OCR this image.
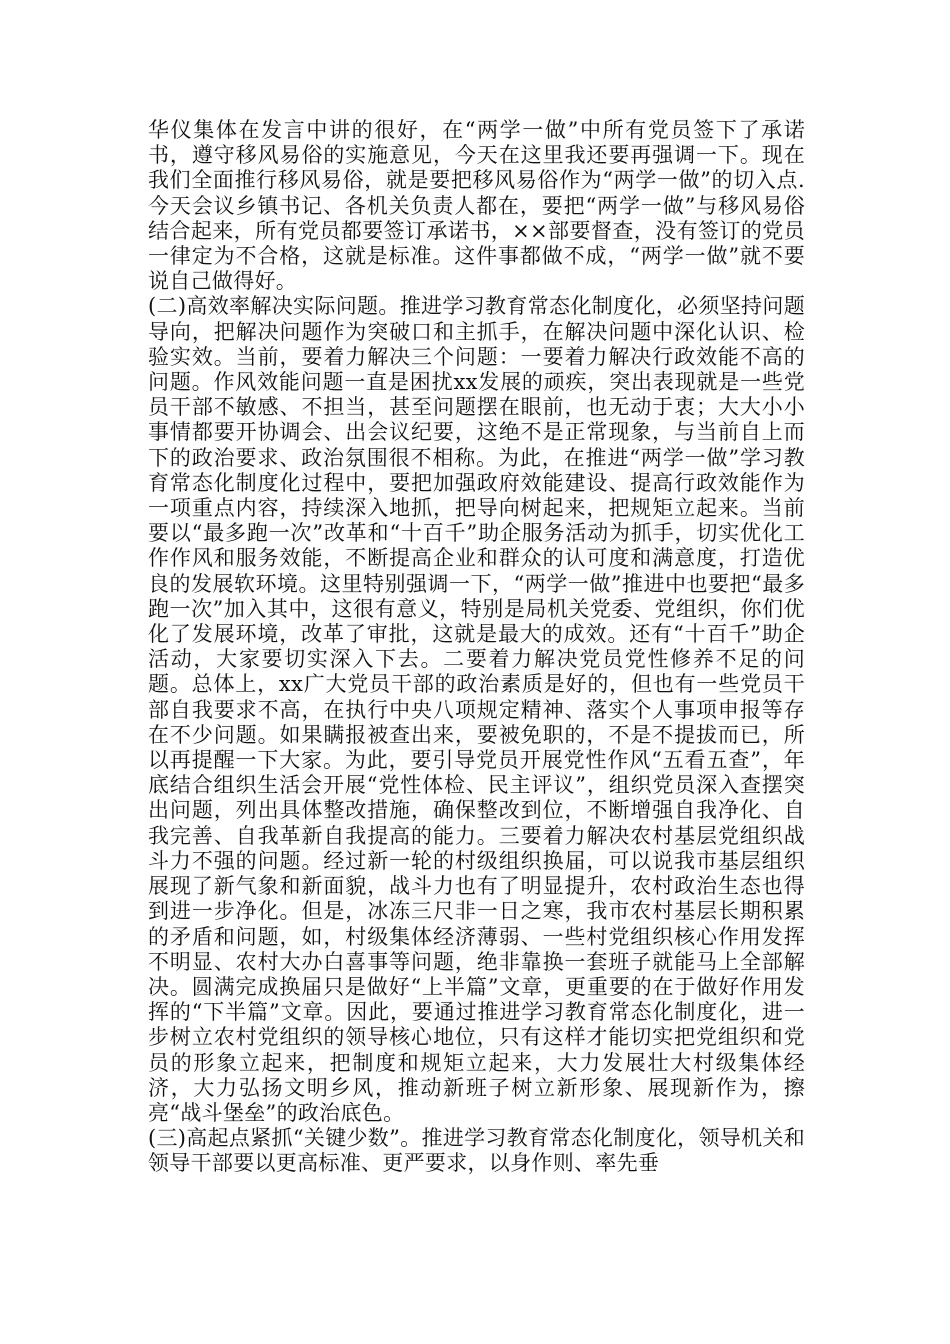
华仪集体在发言中讲的很好，在“两学一做”中所有党员签下了承诺书，遵守移风易俗的实施意见，今天在这里我还要再强调一下。现在我们全面推行移风易俗，就是要把移风易俗作为“两学一做”的切入点.今天会议乡镇书记、各机关负责人都在，要把“两学一做”与移风易俗结合起来，所有党员都要签订承诺书，××部要督查，没有签订的党员一律定为不合格，这就是标准。这件事都做不成，“两学一做”就不要说自己做得好。

(二)高效率解决实际问题。推进学习教育常态化制度化，必须坚持问题导向，把解决问题作为突破口和主抓手，在解决问题中深化认识、检验实效。当前，要着力解决三个问题：一要着力解决行政效能不高的问题。作风效能问题一直是困扰xx发展的顽疾，突出表现就是一些党员干部不敏感、不担当，甚至问题摆在眼前，也无动于衷；大大小小事情都要开协调会、出会议纪要，这绝不是正常现象，与当前自上而下的政治要求、政治氛围很不相称。为此，在推进“两学一做”学习教育常态化制度化过程中，要把加强政府效能建设、提高行政效能作为一项重点内容，持续深入地抓，把导向树起来，把规矩立起来。当前要以“最多跑一次”改革和“十百千”助企服务活动为抓手，切实优化工作作风和服务效能，不断提高企业和群众的认可度和满意度，打造优良的发展软环境。这里特别强调一下，“两学一做”推进中也要把“最多跑一次”加入其中，这很有意义，特别是局机关党委、党组织，你们优化了发展环境，改革了审批，这就是最大的成效。还有“十百千”助企活动，大家要切实深入下去。二要着力解决党员党性修养不足的问题。总体上，xx广大党员干部的政治素质是好的，但也有一些党员干部自我要求不高，在执行中央八项规定精神、落实个人事项申报等存在不少问题。如果瞒报被查出来，要被免职的，不是不提拔而已，所以再提醒一下大家。为此，要引导党员开展党性作风“五看五查”，年底结合组织生活会开展“党性体检、民主评议”，组织党员深入查摆突出问题，列出具体整改措施，确保整改到位，不断增强自我净化、自我完善、自我革新自我提高的能力。三要着力解决农村基层党组织战斗力不强的问题。经过新一轮的村级组织换届，可以说我市基层组织展现了新气象和新面貌，战斗力也有了明显提升，农村政治生态也得到进一步净化。但是，冰冻三尺非一日之寒，我市农村基层长期积累的矛盾和问题，如，村级集体经济薄弱、一些村党组织核心作用发挥不明显、农村大办白喜事等问题，绝非靠换一套班子就能马上全部解决。圆满完成换届只是做好“上半篇”文章，更重要的在于做好作用发挥的“下半篇”文章。因此，要通过推进学习教育常态化制度化，进一步树立农村党组织的领导核心地位，只有这样才能切实把党组织和党员的形象立起来，把制度和规矩立起来，大力发展壮大村级集体经济，大力弘扬文明乡风，推动新班子树立新形象、展现新作为，擦亮“战斗堡垒”的政治底色。

(三)高起点紧抓“关键少数”。推进学习教育常态化制度化，领导机关和领导干部要以更高标准、更严要求，以身作则、率先垂
